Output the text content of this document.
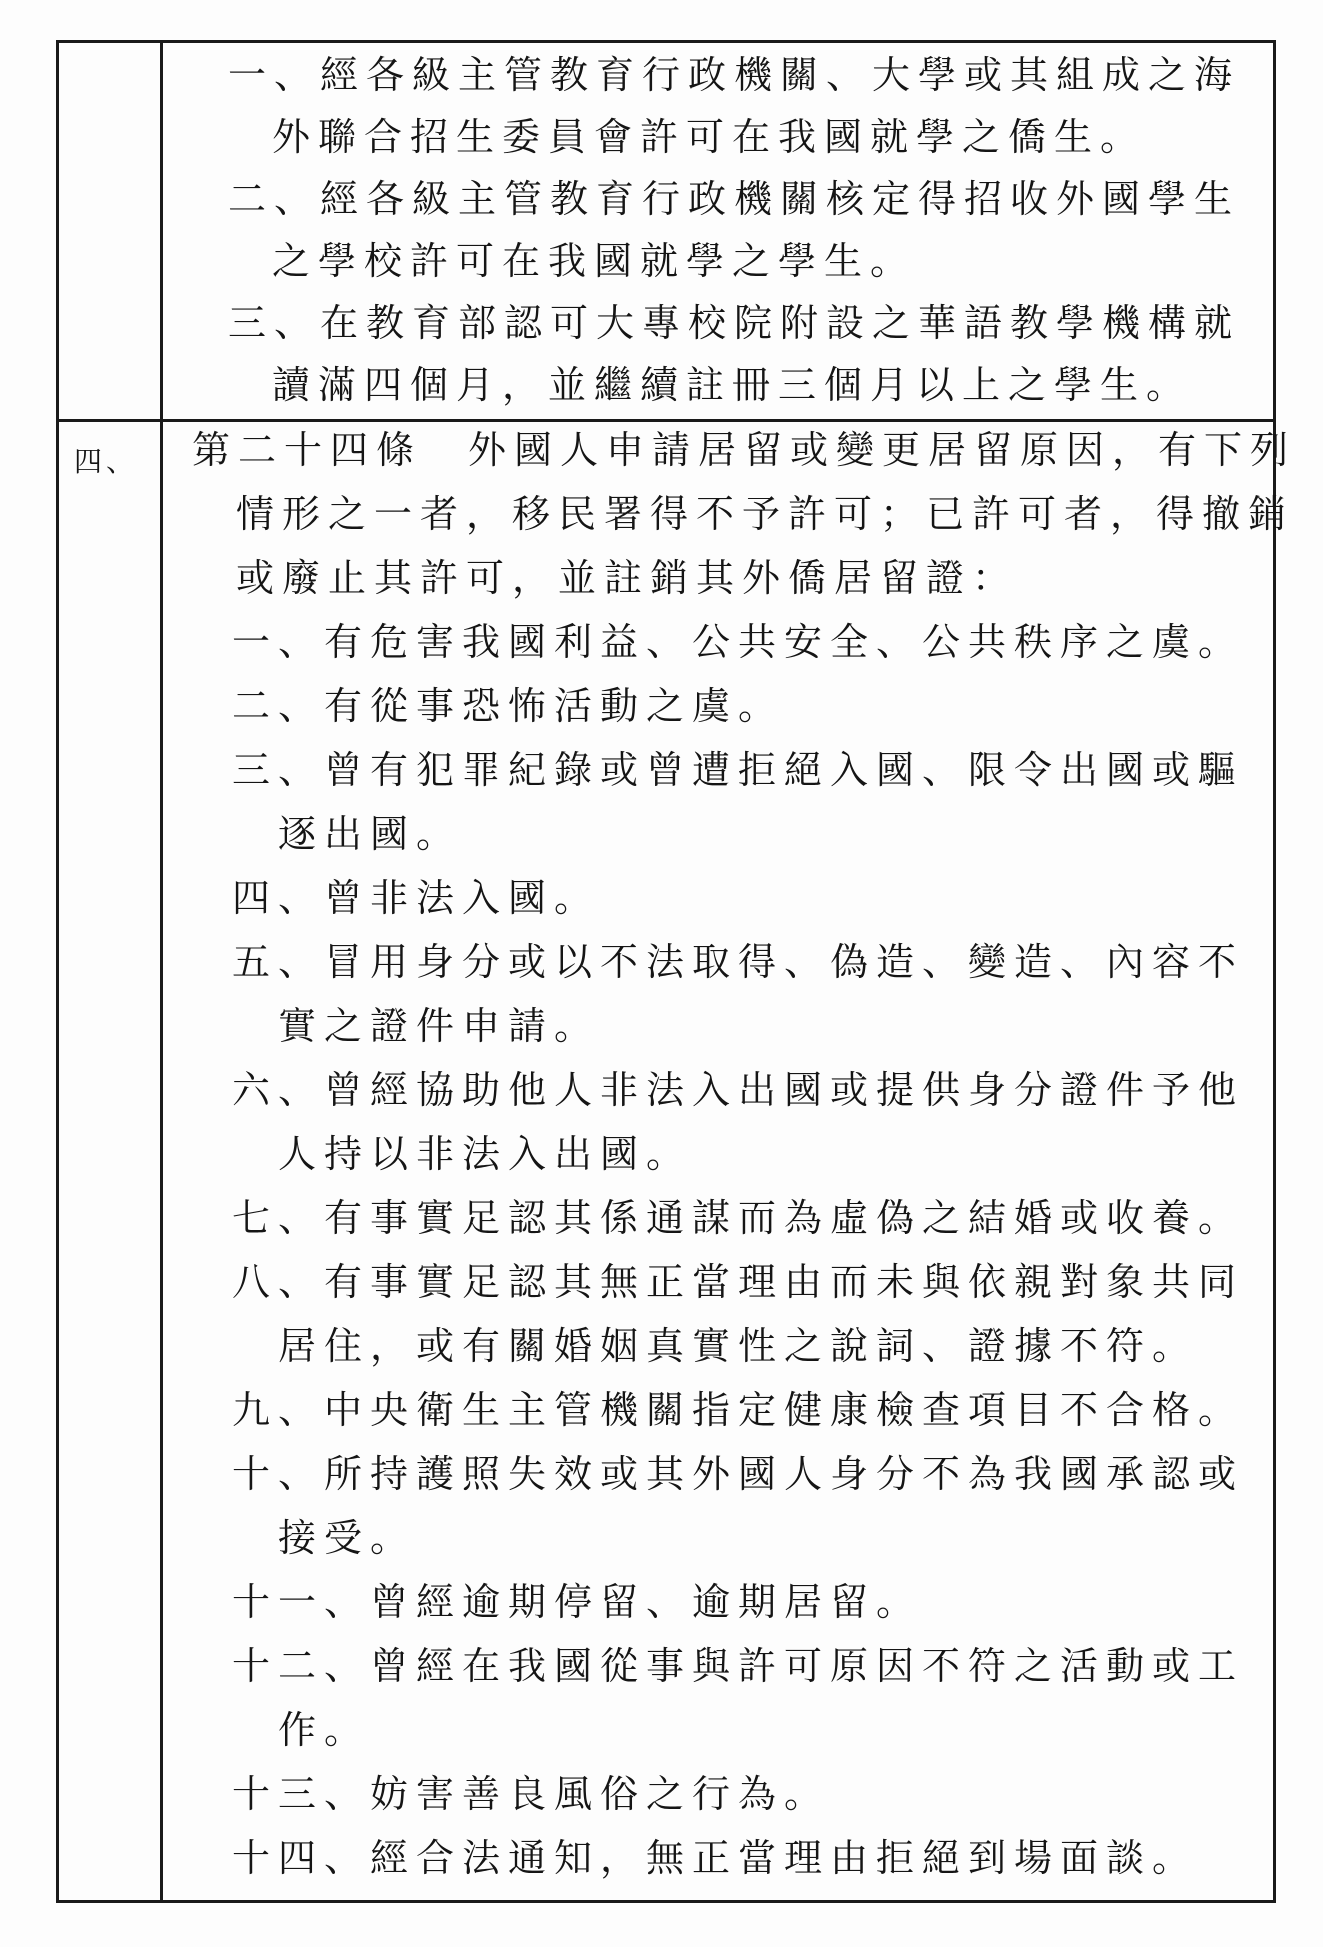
一、經各級主管教育行政機關、大學或其組成之海
外聯合招生委員會許可在我國就學之僑生。
二、經各級主管教育行政機關核定得招收外國學生
之學校許可在我國就學之學生。
三、在教育部認可大專校院附設之華語教學機構就
讀滿四個月，並繼續註冊三個月以上之學生。
四、 第二十四條　外國人申請居留或變更居留原因，有下列
情形之一者，移民署得不予許可；已許可者，得撤銷
或廢止其許可，並註銷其外僑居留證：
一、有危害我國利益、公共安全、公共秩序之虞。
二、有從事恐怖活動之虞。
三、曾有犯罪紀錄或曾遭拒絕入國、限令出國或驅
逐出國。
四、曾非法入國。
五、冒用身分或以不法取得、偽造、變造、內容不
實之證件申請。
六、曾經協助他人非法入出國或提供身分證件予他
人持以非法入出國。
七、有事實足認其係通謀而為虛偽之結婚或收養。
八、有事實足認其無正當理由而未與依親對象共同
居住，或有關婚姻真實性之說詞、證據不符。
九、中央衛生主管機關指定健康檢查項目不合格。
十、所持護照失效或其外國人身分不為我國承認或
接受。
十一、曾經逾期停留、逾期居留。
十二、曾經在我國從事與許可原因不符之活動或工
作。
十三、妨害善良風俗之行為。
十四、經合法通知，無正當理由拒絕到場面談。
